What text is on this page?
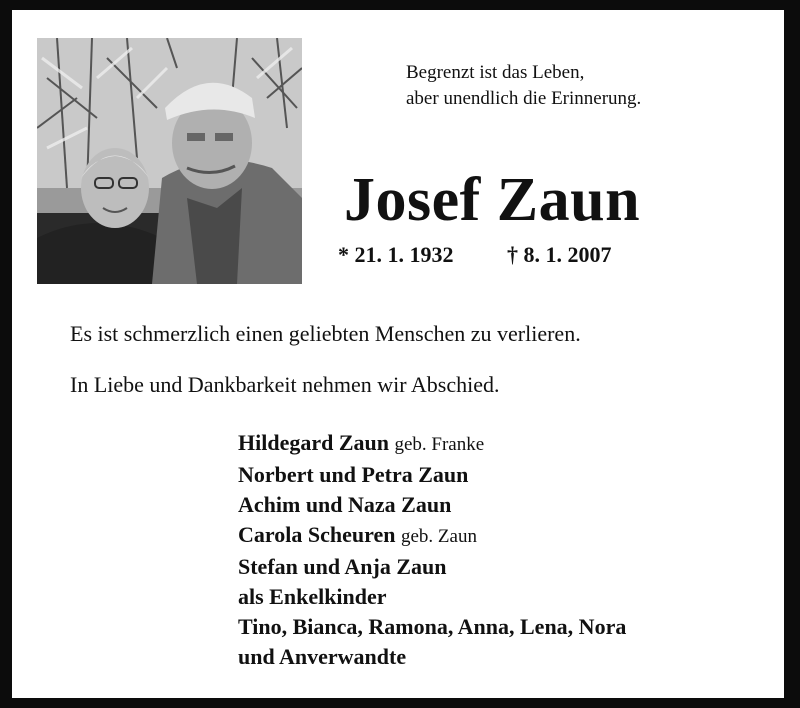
Begrenzt ist das Leben,
aber unendlich die Erinnerung.
Josef Zaun
* 21. 1. 1932 † 8. 1. 2007
Es ist schmerzlich einen geliebten Menschen zu verlieren.
In Liebe und Dankbarkeit nehmen wir Abschied.
Hildegard Zaun geb. Franke
Norbert und Petra Zaun
Achim und Naza Zaun
Carola Scheuren geb. Zaun
Stefan und Anja Zaun
als Enkelkinder
Tino, Bianca, Ramona, Anna, Lena, Nora
und Anverwandte
